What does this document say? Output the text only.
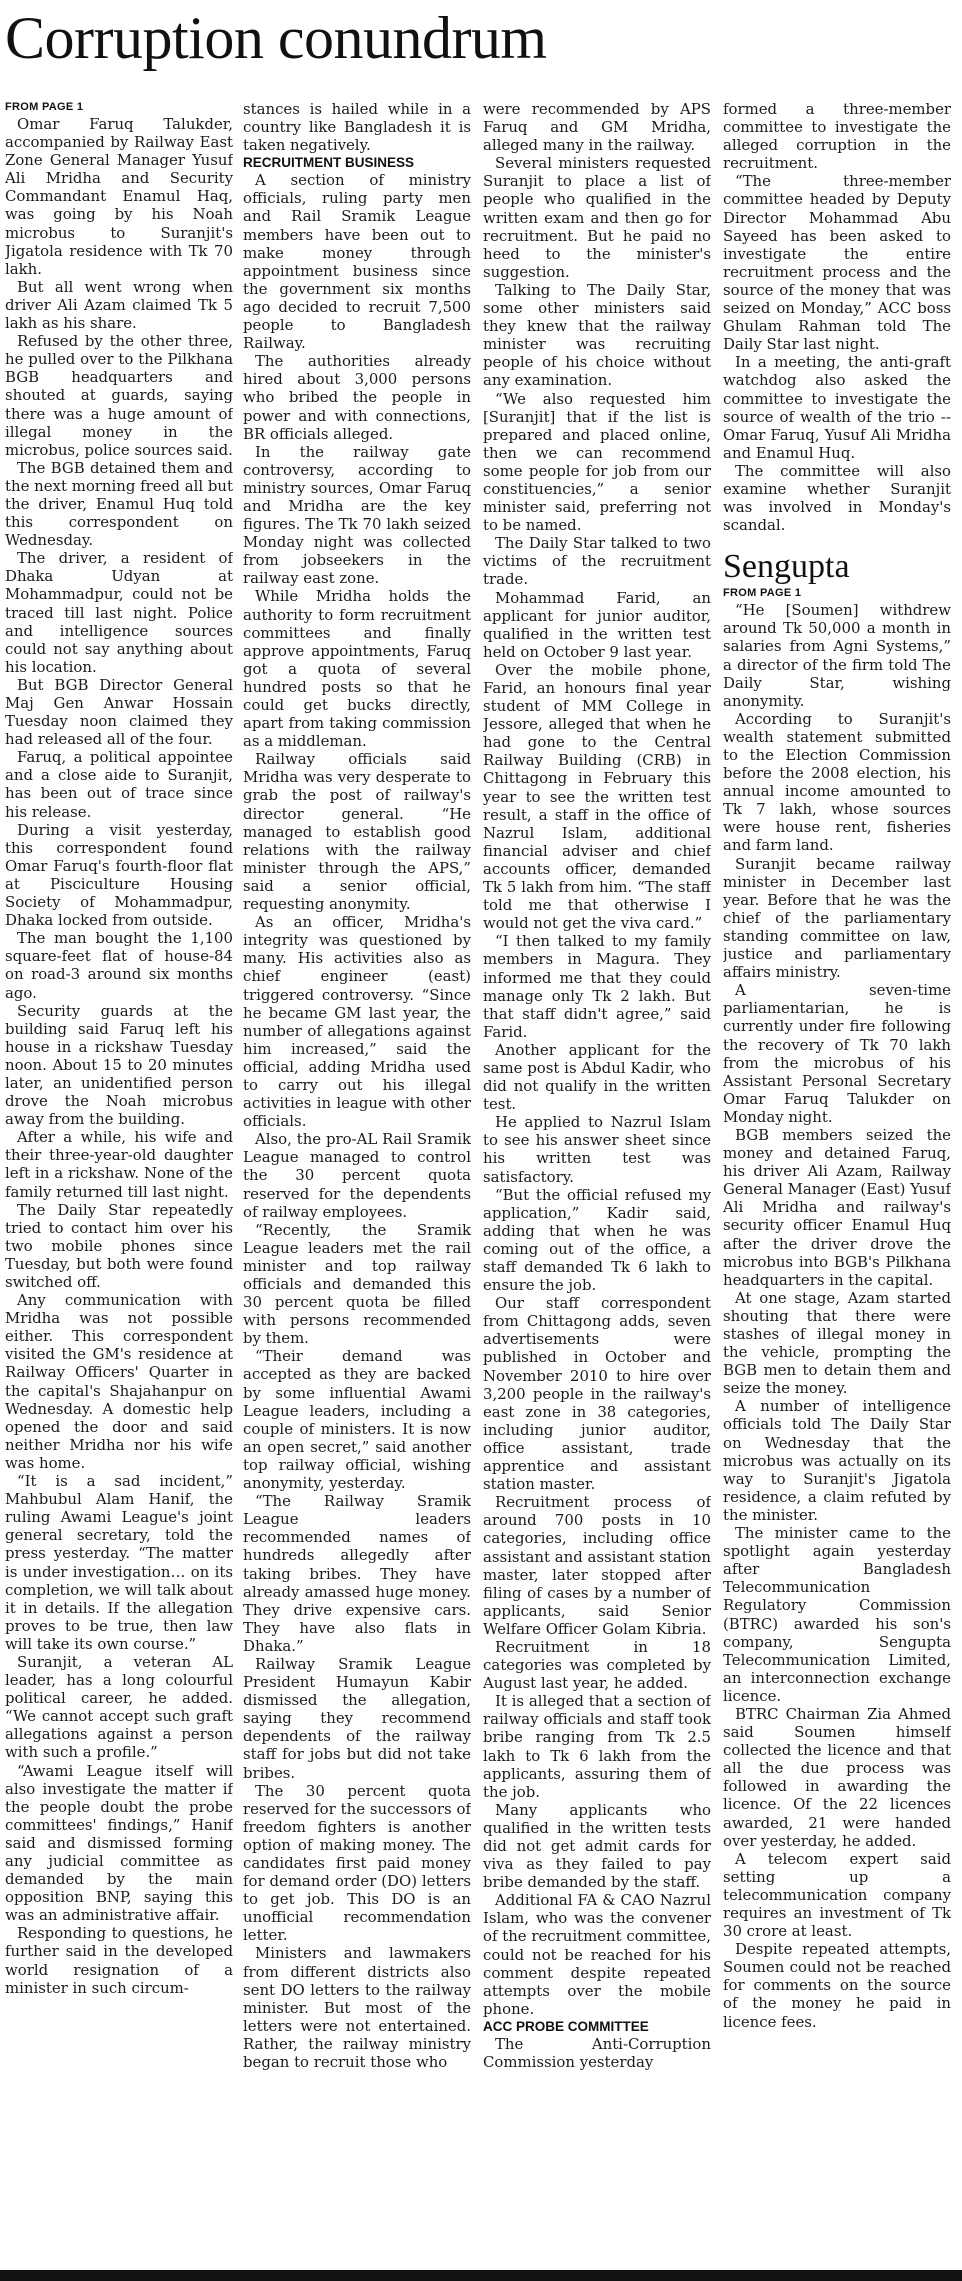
Corruption conundrum
FROM PAGE 1

Omar Faruq Talukder, accompanied by Railway East Zone General Manager Yusuf Ali Mridha and Security Commandant Enamul Haq, was going by his Noah microbus to Suranjit's Jigatola residence with Tk 70 lakh.

But all went wrong when driver Ali Azam claimed Tk 5 lakh as his share.

Refused by the other three, he pulled over to the Pilkhana BGB headquarters and shouted at guards, saying there was a huge amount of illegal money in the microbus, police sources said.

The BGB detained them and the next morning freed all but the driver, Enamul Huq told this correspondent on Wednesday.

The driver, a resident of Dhaka Udyan at Mohammadpur, could not be traced till last night. Police and intelligence sources could not say anything about his location.

But BGB Director General Maj Gen Anwar Hossain Tuesday noon claimed they had released all of the four.

Faruq, a political appointee and a close aide to Suranjit, has been out of trace since his release.

During a visit yesterday, this correspondent found Omar Faruq's fourth-floor flat at Pisciculture Housing Society of Mohammadpur, Dhaka locked from outside.

The man bought the 1,100 square-feet flat of house-84 on road-3 around six months ago.

Security guards at the building said Faruq left his house in a rickshaw Tuesday noon. About 15 to 20 minutes later, an unidentified person drove the Noah microbus away from the building.

After a while, his wife and their three-year-old daughter left in a rickshaw. None of the family returned till last night.

The Daily Star repeatedly tried to contact him over his two mobile phones since Tuesday, but both were found switched off.

Any communication with Mridha was not possible either. This correspondent visited the GM's residence at Railway Officers' Quarter in the capital's Shajahanpur on Wednesday. A domestic help opened the door and said neither Mridha nor his wife was home.

“It is a sad incident,” Mahbubul Alam Hanif, the ruling Awami League's joint general secretary, told the press yesterday. “The matter is under investigation… on its completion, we will talk about it in details. If the allegation proves to be true, then law will take its own course.”

Suranjit, a veteran AL leader, has a long colourful political career, he added. “We cannot accept such graft allegations against a person with such a profile.”

“Awami League itself will also investigate the matter if the people doubt the probe committees' findings,” Hanif said and dismissed forming any judicial committee as demanded by the main opposition BNP, saying this was an administrative affair.

Responding to questions, he further said in the developed world resignation of a minister in such circum-

stances is hailed while in a country like Bangladesh it is taken negatively.

RECRUITMENT BUSINESS

A section of ministry officials, ruling party men and Rail Sramik League members have been out to make money through appointment business since the government six months ago decided to recruit 7,500 people to Bangladesh Railway.

The authorities already hired about 3,000 persons who bribed the people in power and with connections, BR officials alleged.

In the railway gate controversy, according to ministry sources, Omar Faruq and Mridha are the key figures. The Tk 70 lakh seized Monday night was collected from jobseekers in the railway east zone.

While Mridha holds the authority to form recruitment committees and finally approve appointments, Faruq got a quota of several hundred posts so that he could get bucks directly, apart from taking commission as a middleman.

Railway officials said Mridha was very desperate to grab the post of railway's director general. “He managed to establish good relations with the railway minister through the APS,” said a senior official, requesting anonymity.

As an officer, Mridha's integrity was questioned by many. His activities also as chief engineer (east) triggered controversy. “Since he became GM last year, the number of allegations against him increased,” said the official, adding Mridha used to carry out his illegal activities in league with other officials.

Also, the pro-AL Rail Sramik League managed to control the 30 percent quota reserved for the dependents of railway employees.

“Recently, the Sramik League leaders met the rail minister and top railway officials and demanded this 30 percent quota be filled with persons recommended by them.

“Their demand was accepted as they are backed by some influential Awami League leaders, including a couple of ministers. It is now an open secret,” said another top railway official, wishing anonymity, yesterday.

“The Railway Sramik League leaders recommended names of hundreds allegedly after taking bribes. They have already amassed huge money. They drive expensive cars. They have also flats in Dhaka.”

Railway Sramik League President Humayun Kabir dismissed the allegation, saying they recommend dependents of the railway staff for jobs but did not take bribes.

The 30 percent quota reserved for the successors of freedom fighters is another option of making money. The candidates first paid money for demand order (DO) letters to get job. This DO is an unofficial recommendation letter.

Ministers and lawmakers from different districts also sent DO letters to the railway minister. But most of the letters were not entertained. Rather, the railway ministry began to recruit those who

were recommended by APS Faruq and GM Mridha, alleged many in the railway.

Several ministers requested Suranjit to place a list of people who qualified in the written exam and then go for recruitment. But he paid no heed to the minister's suggestion.

Talking to The Daily Star, some other ministers said they knew that the railway minister was recruiting people of his choice without any examination.

“We also requested him [Suranjit] that if the list is prepared and placed online, then we can recommend some people for job from our constituencies,” a senior minister said, preferring not to be named.

The Daily Star talked to two victims of the recruitment trade.

Mohammad Farid, an applicant for junior auditor, qualified in the written test held on October 9 last year.

Over the mobile phone, Farid, an honours final year student of MM College in Jessore, alleged that when he had gone to the Central Railway Building (CRB) in Chittagong in February this year to see the written test result, a staff in the office of Nazrul Islam, additional financial adviser and chief accounts officer, demanded Tk 5 lakh from him. “The staff told me that otherwise I would not get the viva card.”

“I then talked to my family members in Magura. They informed me that they could manage only Tk 2 lakh. But that staff didn't agree,” said Farid.

Another applicant for the same post is Abdul Kadir, who did not qualify in the written test.

He applied to Nazrul Islam to see his answer sheet since his written test was satisfactory.

“But the official refused my application,” Kadir said, adding that when he was coming out of the office, a staff demanded Tk 6 lakh to ensure the job.

Our staff correspondent from Chittagong adds, seven advertisements were published in October and November 2010 to hire over 3,200 people in the railway's east zone in 38 categories, including junior auditor, office assistant, trade apprentice and assistant station master.

Recruitment process of around 700 posts in 10 categories, including office assistant and assistant station master, later stopped after filing of cases by a number of applicants, said Senior Welfare Officer Golam Kibria.

Recruitment in 18 categories was completed by August last year, he added.

It is alleged that a section of railway officials and staff took bribe ranging from Tk 2.5 lakh to Tk 6 lakh from the applicants, assuring them of the job.

Many applicants who qualified in the written tests did not get admit cards for viva as they failed to pay bribe demanded by the staff.

Additional FA & CAO Nazrul Islam, who was the convener of the recruitment committee, could not be reached for his comment despite repeated attempts over the mobile phone.

ACC PROBE COMMITTEE

The Anti-Corruption Commission yesterday

formed a three-member committee to investigate the alleged corruption in the recruitment.

“The three-member committee headed by Deputy Director Mohammad Abu Sayeed has been asked to investigate the entire recruitment process and the source of the money that was seized on Monday,” ACC boss Ghulam Rahman told The Daily Star last night.

In a meeting, the anti-graft watchdog also asked the committee to investigate the source of wealth of the trio -- Omar Faruq, Yusuf Ali Mridha and Enamul Huq.

The committee will also examine whether Suranjit was involved in Monday's scandal.

Sengupta
FROM PAGE 1

“He [Soumen] withdrew around Tk 50,000 a month in salaries from Agni Systems,” a director of the firm told The Daily Star, wishing anonymity.

According to Suranjit's wealth statement submitted to the Election Commission before the 2008 election, his annual income amounted to Tk 7 lakh, whose sources were house rent, fisheries and farm land.

Suranjit became railway minister in December last year. Before that he was the chief of the parliamentary standing committee on law, justice and parliamentary affairs ministry.

A seven-time parliamentarian, he is currently under fire following the recovery of Tk 70 lakh from the microbus of his Assistant Personal Secretary Omar Faruq Talukder on Monday night.

BGB members seized the money and detained Faruq, his driver Ali Azam, Railway General Manager (East) Yusuf Ali Mridha and railway's security officer Enamul Huq after the driver drove the microbus into BGB's Pilkhana headquarters in the capital.

At one stage, Azam started shouting that there were stashes of illegal money in the vehicle, prompting the BGB men to detain them and seize the money.

A number of intelligence officials told The Daily Star on Wednesday that the microbus was actually on its way to Suranjit's Jigatola residence, a claim refuted by the minister.

The minister came to the spotlight again yesterday after Bangladesh Telecommunication Regulatory Commission (BTRC) awarded his son's company, Sengupta Telecommunication Limited, an interconnection exchange licence.

BTRC Chairman Zia Ahmed said Soumen himself collected the licence and that all the due process was followed in awarding the licence. Of the 22 licences awarded, 21 were handed over yesterday, he added.

A telecom expert said setting up a telecommunication company requires an investment of Tk 30 crore at least.

Despite repeated attempts, Soumen could not be reached for comments on the source of the money he paid in licence fees.
